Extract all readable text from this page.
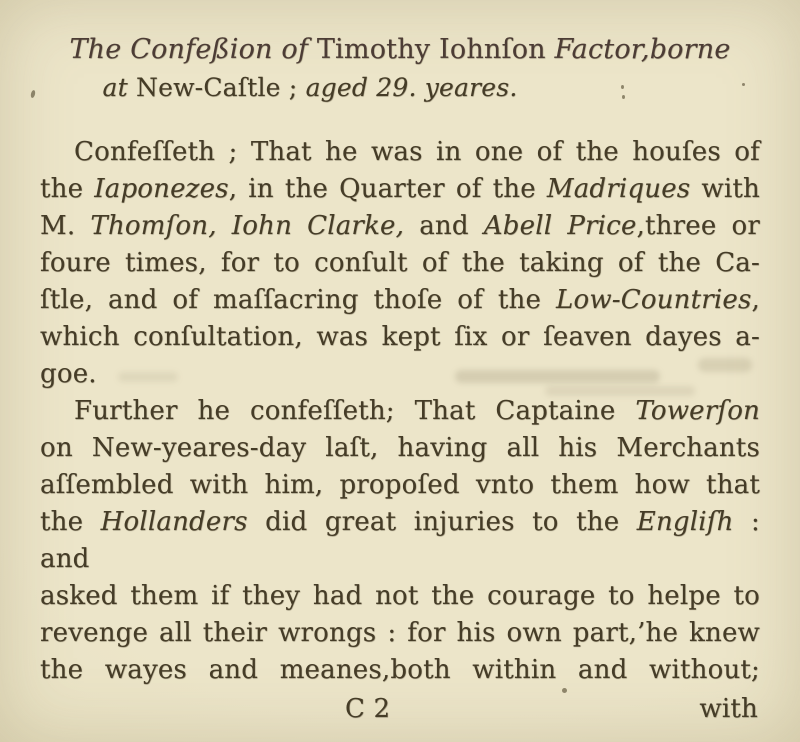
The Confeßion of Timothy Iohnſon Factor,borne
at New-Caſtle ; aged 29. yeares.
Confeſſeth ; That he was in one of the houſes of
the Iaponezes, in the Quarter of the Madriques with
M. Thomſon, Iohn Clarke, and Abell Price,three or
foure times, for to conſult of the taking of the Ca-
ſtle, and of maſſacring thoſe of the Low-Countries,
which conſultation, was kept ſix or ſeaven dayes a-
goe.
Further he confeſſeth; That Captaine Towerſon
on New-yeares-day laſt, having all his Merchants
aſſembled with him, propoſed vnto them how that
the Hollanders did great injuries to the Engliſh : and
asked them if they had not the courage to helpe to
revenge all their wrongs : for his own part,’he knew
the wayes and meanes,both within and without;
C 2	with
